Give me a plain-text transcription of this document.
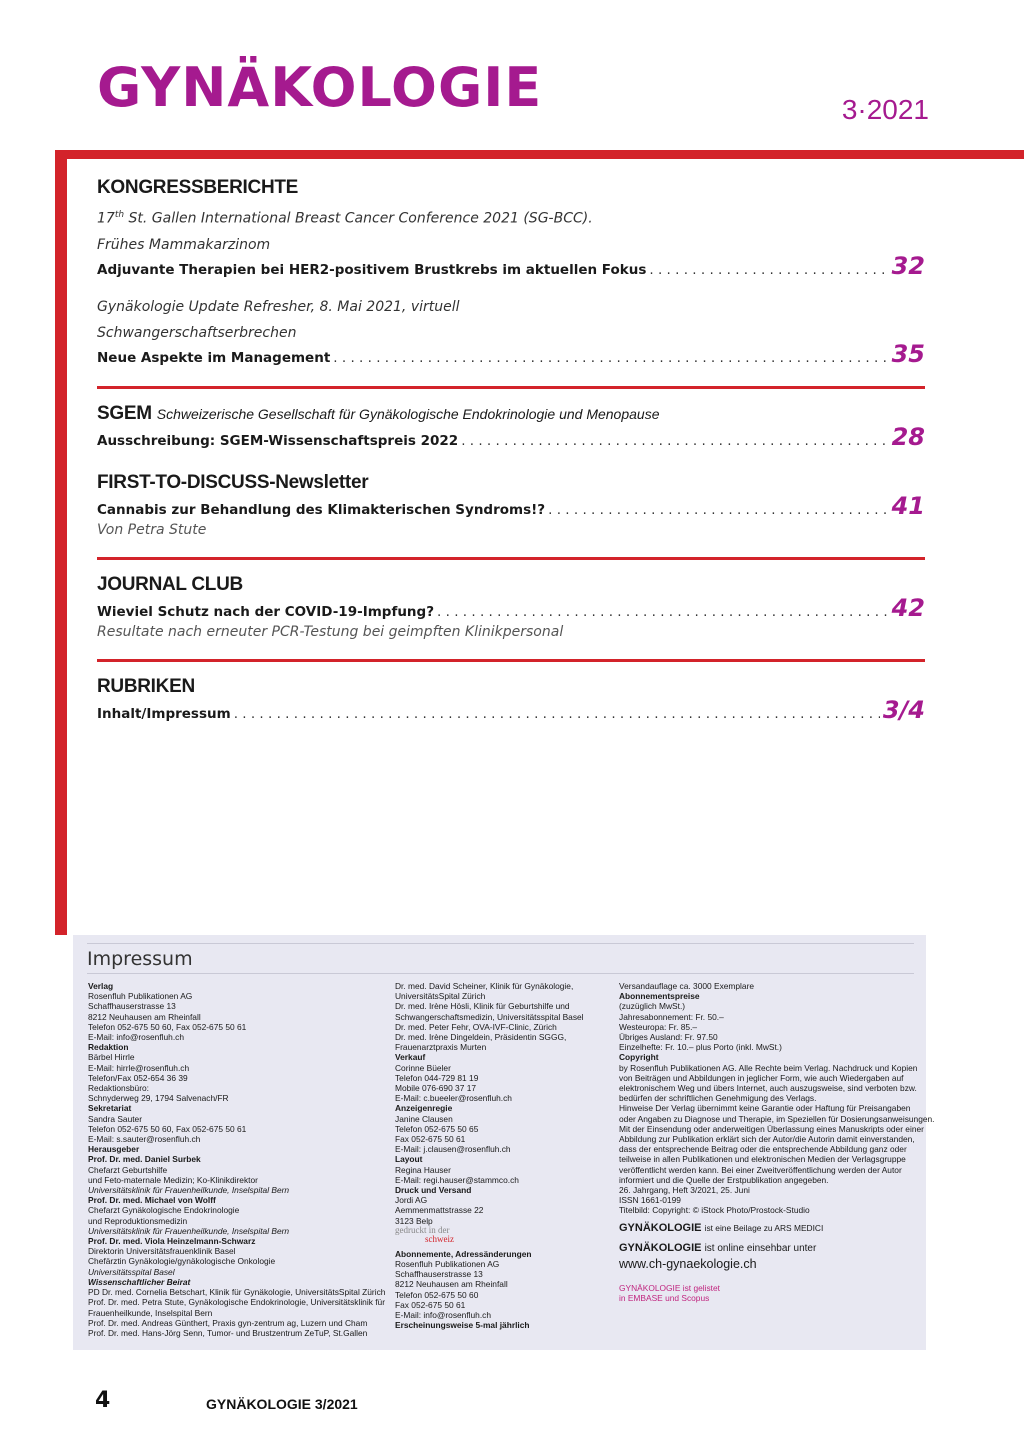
GYNÄKOLOGIE	3·2021
KONGRESSBERICHTE
17th St. Gallen International Breast Cancer Conference 2021 (SG-BCC).
Frühes Mammakarzinom
Adjuvante Therapien bei HER2-positivem Brustkrebs im aktuellen Fokus . . .	32
Gynäkologie Update Refresher, 8. Mai 2021, virtuell
Schwangerschaftserbrechen
Neue Aspekte im Management . . .	35
SGEM Schweizerische Gesellschaft für Gynäkologische Endokrinologie und Menopause
Ausschreibung: SGEM-Wissenschaftspreis 2022 . . .	28
FIRST-TO-DISCUSS-Newsletter
Cannabis zur Behandlung des Klimakterischen Syndroms!? . . .	41
Von Petra Stute
JOURNAL CLUB
Wieviel Schutz nach der COVID-19-Impfung? . . .	42
Resultate nach erneuter PCR-Testung bei geimpften Klinikpersonal
RUBRIKEN
Inhalt/Impressum . . .	3/4
Impressum
Verlag
Rosenfluh Publikationen AG
Schaffhauserstrasse 13
8212 Neuhausen am Rheinfall
Telefon 052-675 50 60, Fax 052-675 50 61
E-Mail: info@rosenfluh.ch
Redaktion
Bärbel Hirrle
E-Mail: hirrle@rosenfluh.ch
Telefon/Fax 052-654 36 39
Redaktionsbüro:
Schnyderweg 29, 1794 Salvenach/FR
Sekretariat
Sandra Sauter
Telefon 052-675 50 60, Fax 052-675 50 61
E-Mail: s.sauter@rosenfluh.ch
Herausgeber
Prof. Dr. med. Daniel Surbek
Chefarzt Geburtshilfe
und Feto-maternale Medizin; Ko-Klinikdirektor
Universitätsklinik für Frauenheilkunde, Inselspital Bern
Prof. Dr. med. Michael von Wolff
Chefarzt Gynäkologische Endokrinologie
und Reproduktionsmedizin
Universitätsklinik für Frauenheilkunde, Inselspital Bern
Prof. Dr. med. Viola Heinzelmann-Schwarz
Direktorin Universitätsfrauenklinik Basel
Chefärztin Gynäkologie/gynäkologische Onkologie
Universitätsspital Basel
Wissenschaftlicher Beirat
PD Dr. med. Cornelia Betschart, Klinik für Gynäkologie, UniversitätsSpital Zürich
Prof. Dr. med. Petra Stute, Gynäkologische Endokrinologie, Universitätsklinik für
Frauenheilkunde, Inselspital Bern
Prof. Dr. med. Andreas Günthert, Praxis gyn-zentrum ag, Luzern und Cham
Prof. Dr. med. Hans-Jörg Senn, Tumor- und Brustzentrum ZeTuP, St.Gallen
Dr. med. David Scheiner, Klinik für Gynäkologie,
UniversitätsSpital Zürich
Dr. med. Irène Hösli, Klinik für Geburtshilfe und
Schwangerschaftsmedizin, Universitätsspital Basel
Dr. med. Peter Fehr, OVA-IVF-Clinic, Zürich
Dr. med. Irène Dingeldein, Präsidentin SGGG,
Frauenarztpraxis Murten
Verkauf
Corinne Büeler
Telefon 044-729 81 19
Mobile 076-690 37 17
E-Mail: c.bueeler@rosenfluh.ch
Anzeigenregie
Janine Clausen
Telefon 052-675 50 65
Fax 052-675 50 61
E-Mail: j.clausen@rosenfluh.ch
Layout
Regina Hauser
E-Mail: regi.hauser@stammco.ch
Druck und Versand
Jordi AG
Aemmenmattstrasse 22
3123 Belp
gedruckt in der
schweiz
Abonnemente, Adressänderungen
Rosenfluh Publikationen AG
Schaffhauserstrasse 13
8212 Neuhausen am Rheinfall
Telefon 052-675 50 60
Fax 052-675 50 61
E-Mail: info@rosenfluh.ch
Erscheinungsweise 5-mal jährlich
Versandauflage ca. 3000 Exemplare
Abonnementspreise
(zuzüglich MwSt.)
Jahresabonnement: Fr. 50.–
Westeuropa: Fr. 85.–
Übriges Ausland: Fr. 97.50
Einzelhefte: Fr. 10.– plus Porto (inkl. MwSt.)
Copyright
by Rosenfluh Publikationen AG. Alle Rechte beim Verlag. Nachdruck und Kopien
von Beiträgen und Abbildungen in jeglicher Form, wie auch Wiedergaben auf
elektronischem Weg und übers Internet, auch auszugsweise, sind verboten bzw.
bedürfen der schriftlichen Genehmigung des Verlags.
Hinweise Der Verlag übernimmt keine Garantie oder Haftung für Preisangaben
oder Angaben zu Diagnose und Therapie, im Speziellen für Dosierungsanweisungen.
Mit der Einsendung oder anderweitigen Überlassung eines Manuskripts oder einer
Abbildung zur Publikation erklärt sich der Autor/die Autorin damit einverstanden,
dass der entsprechende Beitrag oder die entsprechende Abbildung ganz oder
teilweise in allen Publikationen und elektronischen Medien der Verlagsgruppe
veröffentlicht werden kann. Bei einer Zweitveröffentlichung werden der Autor
informiert und die Quelle der Erstpublikation angegeben.
26. Jahrgang, Heft 3/2021, 25. Juni
ISSN 1661-0199
Titelbild: Copyright: © iStock Photo/Prostock-Studio
GYNÄKOLOGIE ist eine Beilage zu ARS MEDICI
GYNÄKOLOGIE ist online einsehbar unter
www.ch-gynaekologie.ch
GYNÄKOLOGIE ist gelistet
in EMBASE und Scopus
4	GYNÄKOLOGIE 3/2021
